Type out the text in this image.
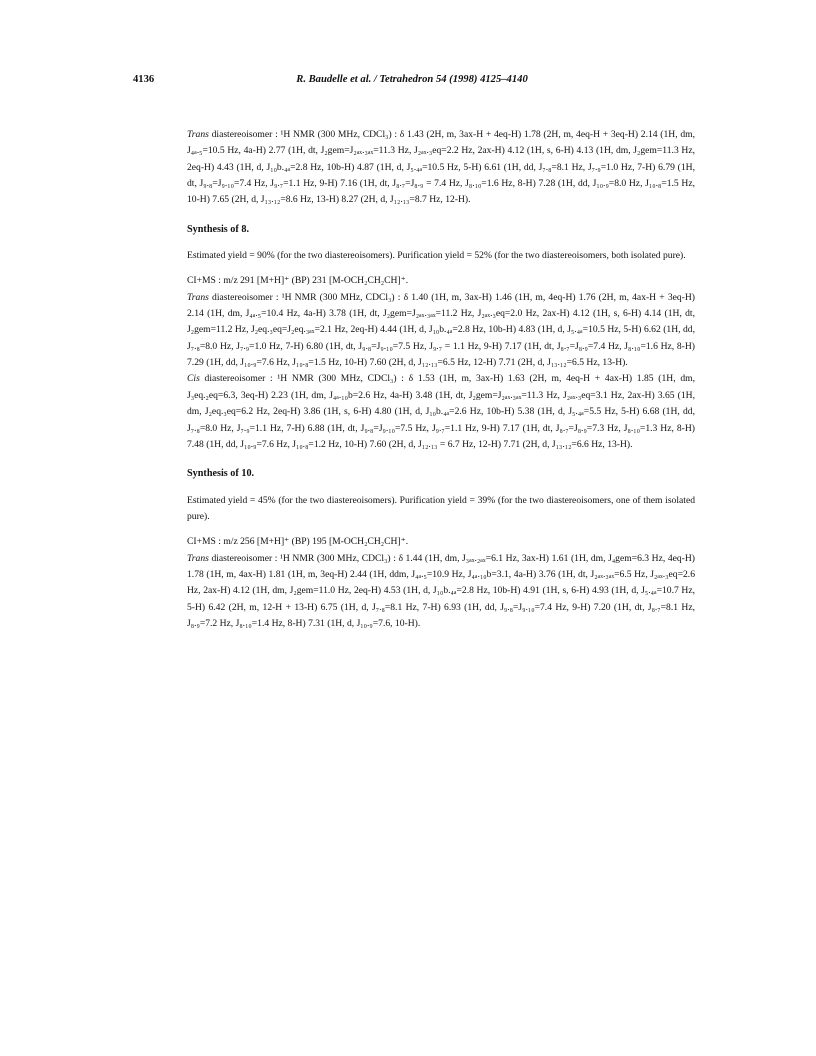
4136	R. Baudelle et al. / Tetrahedron 54 (1998) 4125–4140

Trans diastereoisomer : ¹H NMR (300 MHz, CDCl₃) : δ 1.43 (2H, m, 3ax-H + 4eq-H) 1.78 (2H, m, 4eq-H + 3eq-H) 2.14 (1H, dm, J₄ₐ.₅=10.5 Hz, 4a-H) 2.77 (1H, dt, J₂gem=J₂ₐₓ.₃ₐₓ=11.3 Hz, J₂ₐₓ.₃eq=2.2 Hz, 2ax-H) 4.12 (1H, s, 6-H) 4.13 (1H, dm, J₂gem=11.3 Hz, 2eq-H) 4.43 (1H, d, J₁₀b.₄ₐ=2.8 Hz, 10b-H) 4.87 (1H, d, J₅.₄ₐ=10.5 Hz, 5-H) 6.61 (1H, dd, J₇.₈=8.1 Hz, J₇.₉=1.0 Hz, 7-H) 6.79 (1H, dt, J₉.₈=J₉.₁₀=7.4 Hz, J₉.₇=1.1 Hz, 9-H) 7.16 (1H, dt, J₈.₇=J₈.₉ = 7.4 Hz, J₈.₁₀=1.6 Hz, 8-H) 7.28 (1H, dd, J₁₀.₉=8.0 Hz, J₁₀.₈=1.5 Hz, 10-H) 7.65 (2H, d, J₁₃.₁₂=8.6 Hz, 13-H) 8.27 (2H, d, J₁₂.₁₃=8.7 Hz, 12-H).

Synthesis of 8.

Estimated yield = 90% (for the two diastereoisomers). Purification yield = 52% (for the two diastereoisomers, both isolated pure).

CI+MS : m/z 291 [M+H]⁺ (BP) 231 [M-OCH₂CH₂CH]⁺.

Trans diastereoisomer : ¹H NMR (300 MHz, CDCl₃) : δ 1.40 (1H, m, 3ax-H) 1.46 (1H, m, 4eq-H) 1.76 (2H, m, 4ax-H + 3eq-H) 2.14 (1H, dm, J₄ₐ.₅=10.4 Hz, 4a-H) 3.78 (1H, dt, J₂gem=J₂ₐₓ.₃ₐₓ=11.2 Hz, J₂ₐₓ.₃eq=2.0 Hz, 2ax-H) 4.12 (1H, s, 6-H) 4.14 (1H, dt, J₂gem=11.2 Hz, J₂eq.₃eq=J₂eq.₃ₐₓ=2.1 Hz, 2eq-H) 4.44 (1H, d, J₁₀b.₄ₐ=2.8 Hz, 10b-H) 4.83 (1H, d, J₅.₄ₐ=10.5 Hz, 5-H) 6.62 (1H, dd, J₇.₈=8.0 Hz, J₇.₉=1.0 Hz, 7-H) 6.80 (1H, dt, J₉.₈=J₉.₁₀=7.5 Hz, J₉.₇ = 1.1 Hz, 9-H) 7.17 (1H, dt, J₈.₇=J₈.₉=7.4 Hz, J₈.₁₀=1.6 Hz, 8-H) 7.29 (1H, dd, J₁₀.₉=7.6 Hz, J₁₀.₈=1.5 Hz, 10-H) 7.60 (2H, d, J₁₂.₁₃=6.5 Hz, 12-H) 7.71 (2H, d, J₁₃.₁₂=6.5 Hz, 13-H).

Cis diastereoisomer : ¹H NMR (300 MHz, CDCl₃) : δ 1.53 (1H, m, 3ax-H) 1.63 (2H, m, 4eq-H + 4ax-H) 1.85 (1H, dm, J₃eq.₂eq=6.3, 3eq-H) 2.23 (1H, dm, J₄ₐ.₁₀b=2.6 Hz, 4a-H) 3.48 (1H, dt, J₂gem=J₂ₐₓ.₃ₐₓ=11.3 Hz, J₂ₐₓ.₃eq=3.1 Hz, 2ax-H) 3.65 (1H, dm, J₂eq.₃eq=6.2 Hz, 2eq-H) 3.86 (1H, s, 6-H) 4.80 (1H, d, J₁₀b.₄ₐ=2.6 Hz, 10b-H) 5.38 (1H, d, J₅.₄ₐ=5.5 Hz, 5-H) 6.68 (1H, dd, J₇.₈=8.0 Hz, J₇.₉=1.1 Hz, 7-H) 6.88 (1H, dt, J₉.₈=J₉.₁₀=7.5 Hz, J₉.₇=1.1 Hz, 9-H) 7.17 (1H, dt, J₈.₇=J₈.₉=7.3 Hz, J₈.₁₀=1.3 Hz, 8-H) 7.48 (1H, dd, J₁₀.₉=7.6 Hz, J₁₀.₈=1.2 Hz, 10-H) 7.60 (2H, d, J₁₂.₁₃ = 6.7 Hz, 12-H) 7.71 (2H, d, J₁₃.₁₂=6.6 Hz, 13-H).

Synthesis of 10.

Estimated yield = 45% (for the two diastereoisomers). Purification yield = 39% (for the two diastereoisomers, one of them isolated pure).

CI+MS : m/z 256 [M+H]⁺ (BP) 195 [M-OCH₂CH₂CH]⁺.

Trans diastereoisomer : ¹H NMR (300 MHz, CDCl₃) : δ 1.44 (1H, dm, J₃ₐₓ.₂ₐₓ=6.1 Hz, 3ax-H) 1.61 (1H, dm, J₄gem=6.3 Hz, 4eq-H) 1.78 (1H, m, 4ax-H) 1.81 (1H, m, 3eq-H) 2.44 (1H, ddm, J₄ₐ.₅=10.9 Hz, J₄ₐ.₁₀b=3.1, 4a-H) 3.76 (1H, dt, J₂ₐₓ.₃ₐₓ=6.5 Hz, J₂ₐₓ.₃eq=2.6 Hz, 2ax-H) 4.12 (1H, dm, J₂gem=11.0 Hz, 2eq-H) 4.53 (1H, d, J₁₀b.₄ₐ=2.8 Hz, 10b-H) 4.91 (1H, s, 6-H) 4.93 (1H, d, J₅.₄ₐ=10.7 Hz, 5-H) 6.42 (2H, m, 12-H + 13-H) 6.75 (1H, d, J₇.₈=8.1 Hz, 7-H) 6.93 (1H, dd, J₉.₈=J₉.₁₀=7.4 Hz, 9-H) 7.20 (1H, dt, J₈.₇=8.1 Hz, J₈.₉=7.2 Hz, J₈.₁₀=1.4 Hz, 8-H) 7.31 (1H, d, J₁₀.₉=7.6, 10-H).
